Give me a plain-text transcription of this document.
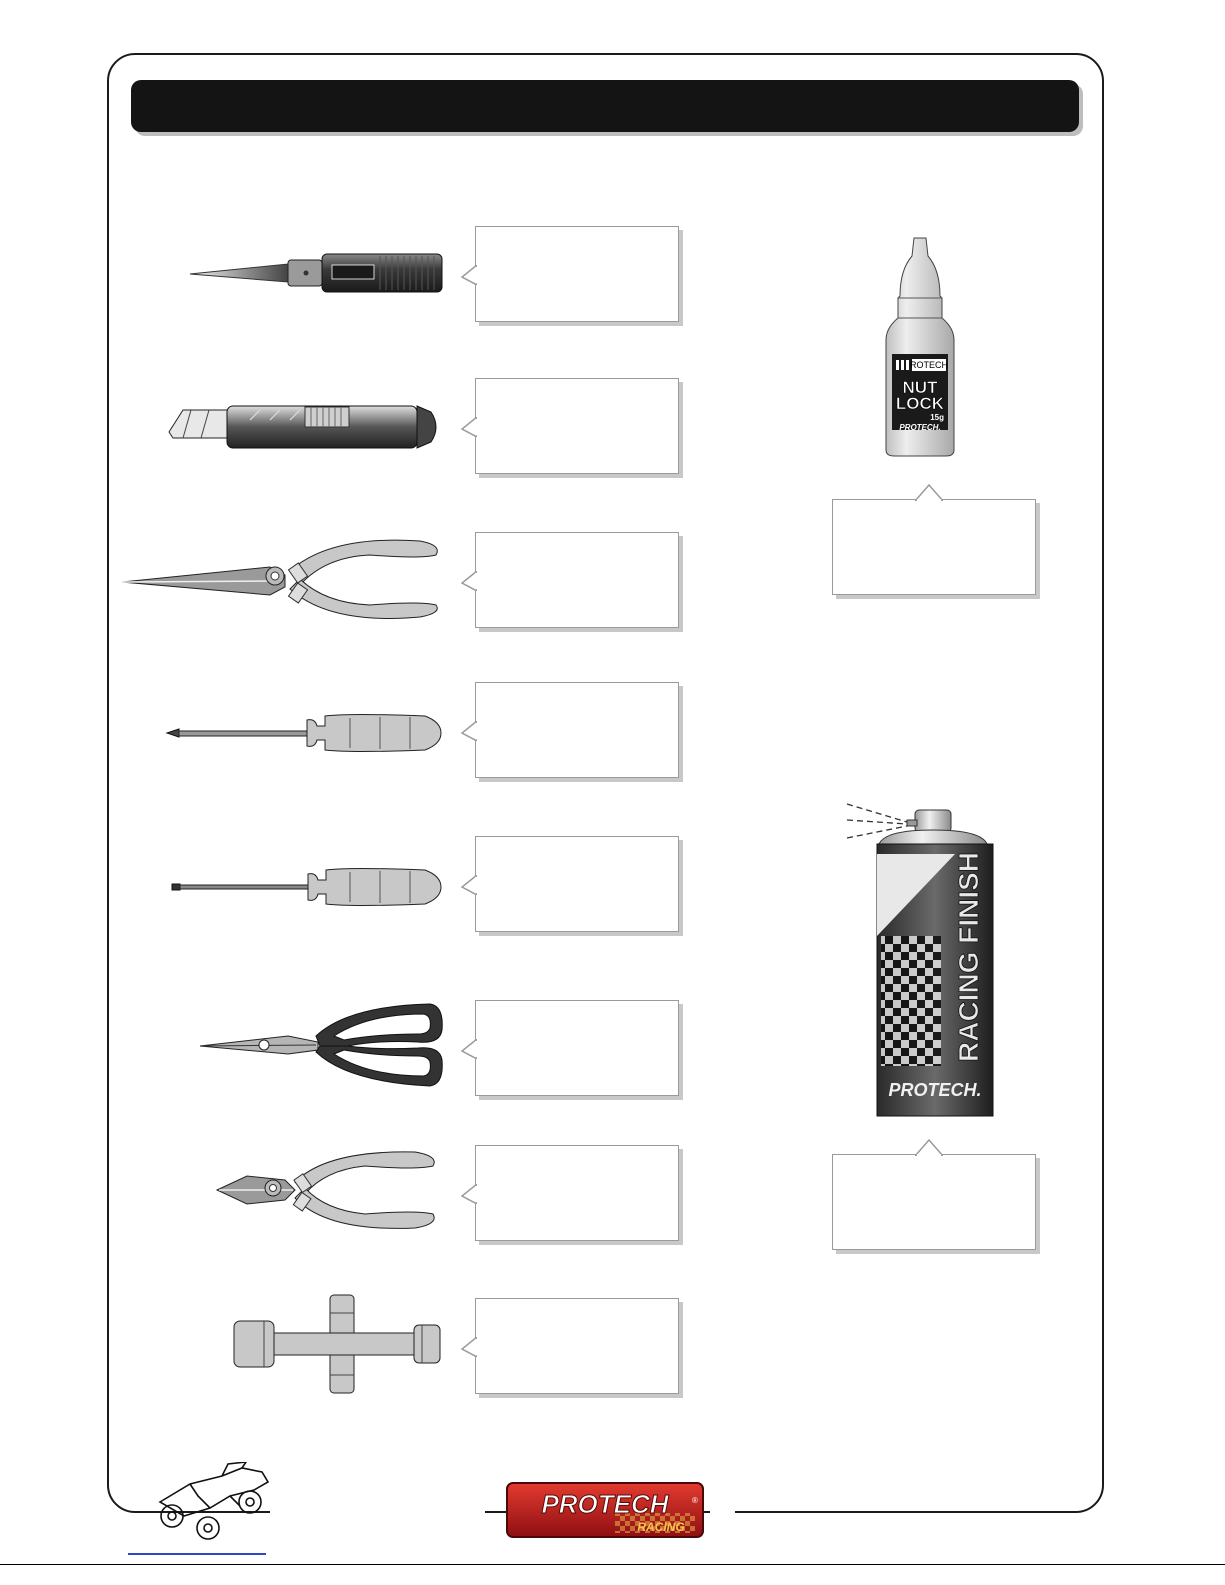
ROTECH
NUT
LOCK
15g
PROTECH.
RACING FINISH
PROTECH.
PROTECH	®
RACING
